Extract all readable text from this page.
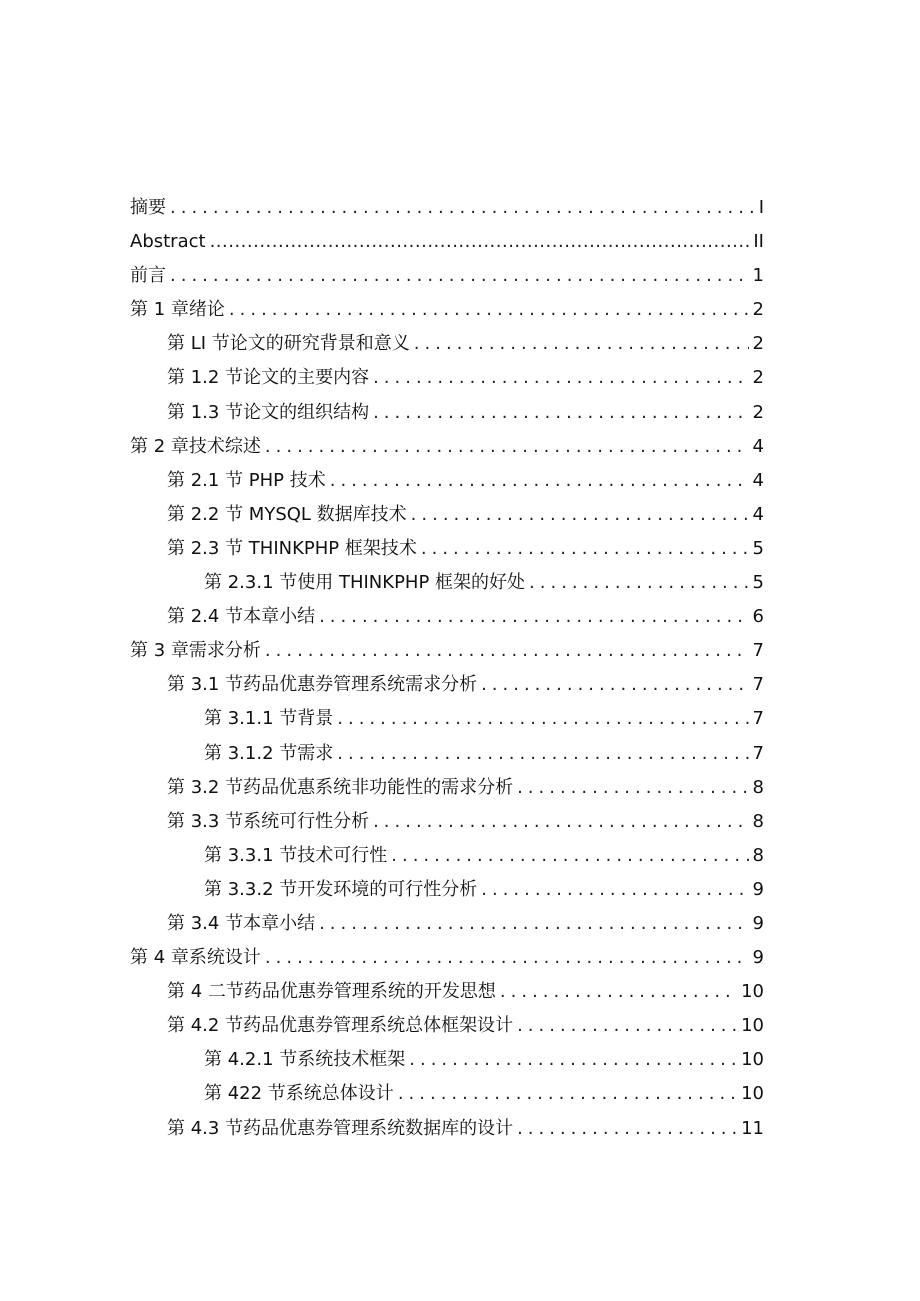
摘要 .....	I
Abstract .....	II
前言 .....	1
第 1 章绪论 .....	2
第 LI 节论文的研究背景和意义 .....	2
第 1.2 节论文的主要内容 .....	2
第 1.3 节论文的组织结构 .....	2
第 2 章技术综述 .....	4
第 2.1 节 PHP 技术 .....	4
第 2.2 节 MYSQL 数据库技术 .....	4
第 2.3 节 THINKPHP 框架技术 .....	5
第 2.3.1 节使用 THINKPHP 框架的好处 .....	5
第 2.4 节本章小结 .....	6
第 3 章需求分析 .....	7
第 3.1 节药品优惠券管理系统需求分析 .....	7
第 3.1.1 节背景 .....	7
第 3.1.2 节需求 .....	7
第 3.2 节药品优惠系统非功能性的需求分析 .....	8
第 3.3 节系统可行性分析 .....	8
第 3.3.1 节技术可行性 .....	8
第 3.3.2 节开发环境的可行性分析 .....	9
第 3.4 节本章小结 .....	9
第 4 章系统设计 .....	9
第 4 二节药品优惠券管理系统的开发思想 .....	10
第 4.2 节药品优惠券管理系统总体框架设计 .....	10
第 4.2.1 节系统技术框架 .....	10
第 422 节系统总体设计 .....	10
第 4.3 节药品优惠券管理系统数据库的设计 .....	11
